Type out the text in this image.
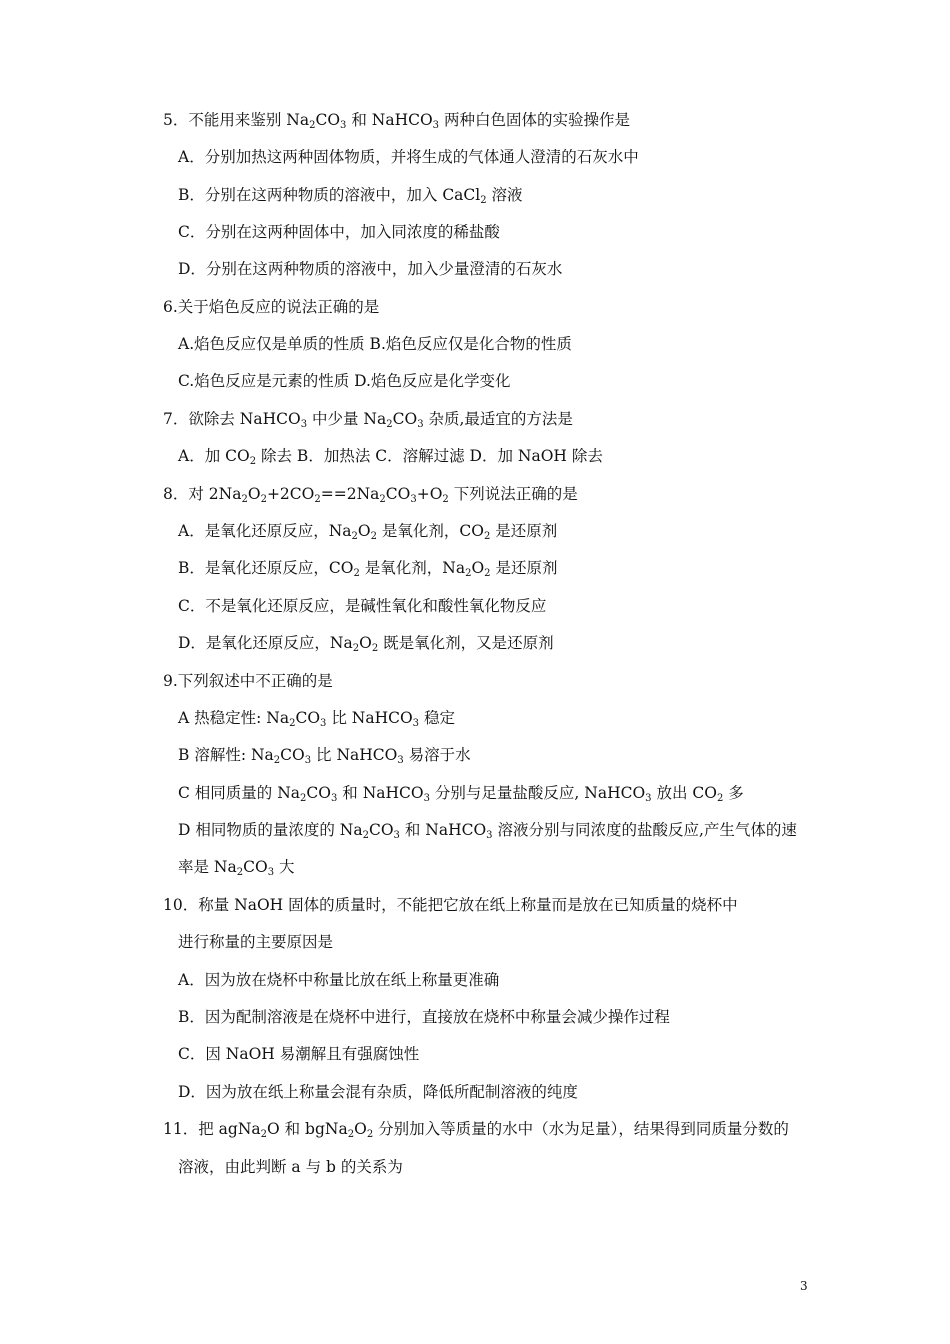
5．不能用来鉴别 $Na_2CO_3$ 和 NaHCO$_3$ 两种白色固体的实验操作是
A．分别加热这两种固体物质，并将生成的气体通人澄清的石灰水中
B．分别在这两种物质的溶液中，加入 CaCl$_2$ 溶液
C．分别在这两种固体中，加入同浓度的稀盐酸
D．分别在这两种物质的溶液中，加入少量澄清的石灰水
6.关于焰色反应的说法正确的是
A.焰色反应仅是单质的性质 B.焰色反应仅是化合物的性质
C.焰色反应是元素的性质 D.焰色反应是化学变化
7．欲除去 NaHCO$_3$ 中少量 $Na_2CO_3$ 杂质,最适宜的方法是
A．加 $CO_2$ 除去 B．加热法 C．溶解过滤 D．加 NaOH 除去
8．对 $2Na_2O_2+2CO_2==2Na_2CO_3+O_2$ 下列说法正确的是
A．是氧化还原反应，$Na_2O_2$ 是氧化剂，$CO_2$ 是还原剂
B．是氧化还原反应，$CO_2$ 是氧化剂，$Na_2O_2$ 是还原剂
C．不是氧化还原反应，是碱性氧化和酸性氧化物反应
D．是氧化还原反应，$Na_2O_2$ 既是氧化剂，又是还原剂
9.下列叙述中不正确的是
A 热稳定性: $Na_2CO_3$ 比 NaHCO$_3$ 稳定
B 溶解性: $Na_2CO_3$ 比 NaHCO$_3$ 易溶于水
C 相同质量的 $Na_2CO_3$ 和 NaHCO$_3$ 分别与足量盐酸反应, NaHCO$_3$ 放出 $CO_2$ 多
D 相同物质的量浓度的 $Na_2CO_3$ 和 NaHCO$_3$ 溶液分别与同浓度的盐酸反应,产生气体的速
率是 $Na_2CO_3$ 大
10．称量 NaOH 固体的质量时，不能把它放在纸上称量而是放在已知质量的烧杯中
进行称量的主要原因是
A．因为放在烧杯中称量比放在纸上称量更准确
B．因为配制溶液是在烧杯中进行，直接放在烧杯中称量会减少操作过程
C．因 NaOH 易潮解且有强腐蚀性
D．因为放在纸上称量会混有杂质，降低所配制溶液的纯度
11．把 agNa$_2$O 和 $bgNa_2O_2$ 分别加入等质量的水中（水为足量），结果得到同质量分数的
溶液，由此判断 a 与 b 的关系为
3
